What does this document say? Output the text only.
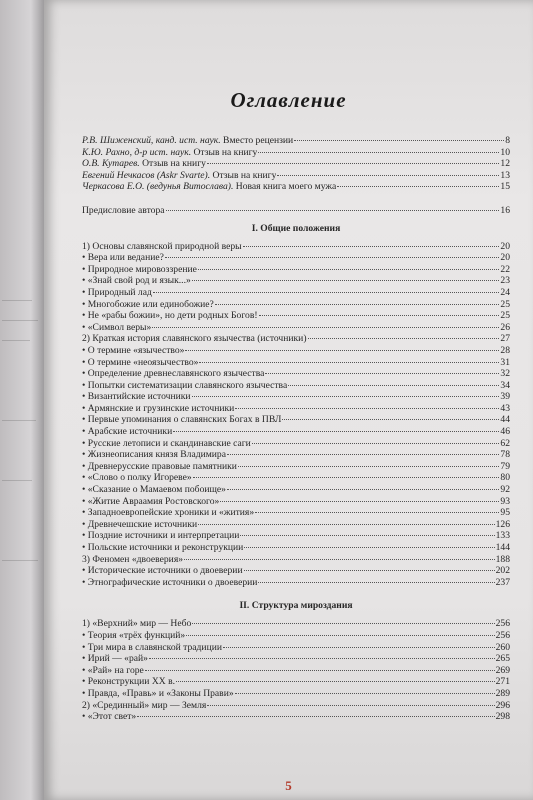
Оглавление
Р.В. Шиженский, канд. ист. наук. Вместо рецензии	8
К.Ю. Рахно, д-р ист. наук. Отзыв на книгу	10
О.В. Кутарев. Отзыв на книгу	12
Евгений Нечкасов (Askr Svarte). Отзыв на книгу	13
Черкасова Е.О. (ведунья Витослава). Новая книга моего мужа	15
Предисловие автора	16
I. Общие положения
1) Основы славянской природной веры	20
• Вера или ведание?	20
• Природное мировоззрение	22
• «Знай свой род и язык...»	23
• Природный лад	24
• Многобожие или единобожие?	25
• Не «рабы божии», но дети родных Богов!	25
• «Символ веры»	26
2) Краткая история славянского язычества (источники)	27
• О термине «язычество»	28
• О термине «неоязычество»	31
• Определение древнеславянского язычества	32
• Попытки систематизации славянского язычества	34
• Византийские источники	39
• Армянские и грузинские источники	43
• Первые упоминания о славянских Богах в ПВЛ	44
• Арабские источники	46
• Русские летописи и скандинавские саги	62
• Жизнеописания князя Владимира	78
• Древнерусские правовые памятники	79
• «Слово о полку Игореве»	80
• «Сказание о Мамаевом побоище»	92
• «Житие Авраамия Ростовского»	93
• Западноевропейские хроники и «жития»	95
• Древнечешские источники	126
• Поздние источники и интерпретации	133
• Польские источники и реконструкции	144
3) Феномен «двоеверия»	188
• Исторические источники о двоеверии	202
• Этнографические источники о двоеверии	237
II. Структура мироздания
1) «Верхний» мир — Небо	256
• Теория «трёх функций»	256
• Три мира в славянской традиции	260
• Ирий — «рай»	265
• «Рай» на горе	269
• Реконструкции XX в.	271
• Правда, «Правь» и «Законы Прави»	289
2) «Срединный» мир — Земля	296
• «Этот свет»	298
5
